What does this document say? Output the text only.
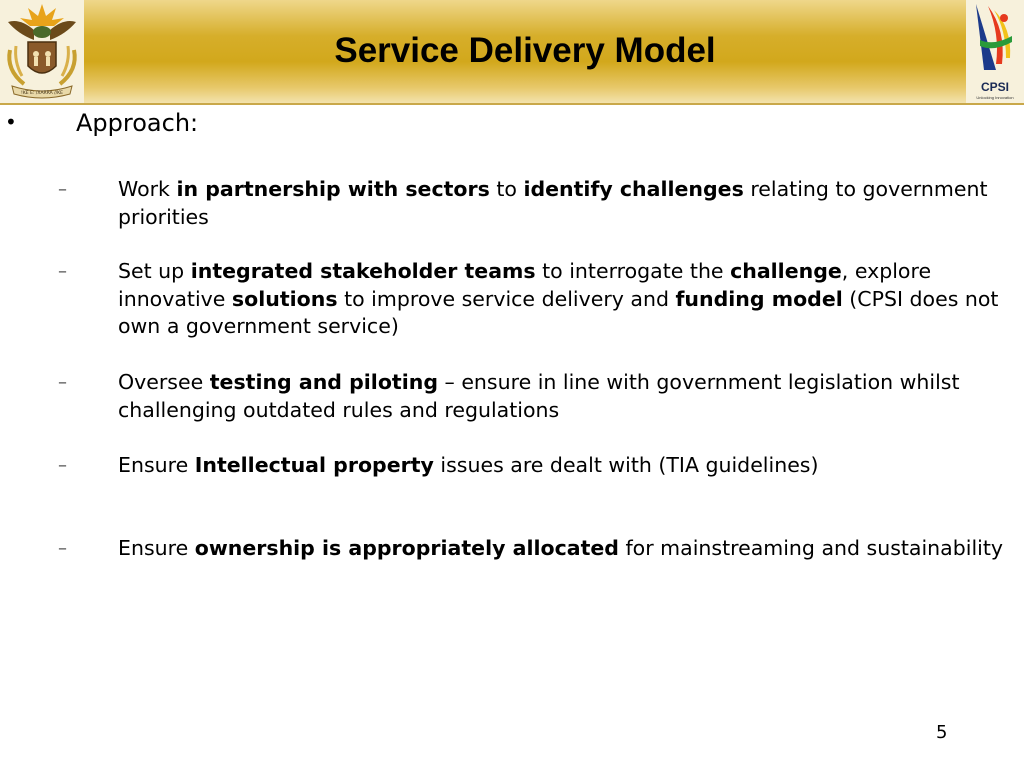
!KE E: /XARRA //KE
Service Delivery Model
CPSI
Unlocking Innovation
• Approach:
– Work in partnership with sectors to identify challenges relating to government priorities
– Set up integrated stakeholder teams to interrogate the challenge, explore innovative solutions to improve service delivery and funding model (CPSI does not own a government service)
– Oversee testing and piloting – ensure in line with government legislation whilst challenging outdated rules and regulations
– Ensure Intellectual property issues are dealt with (TIA guidelines)
– Ensure ownership is appropriately allocated for mainstreaming and sustainability
5
